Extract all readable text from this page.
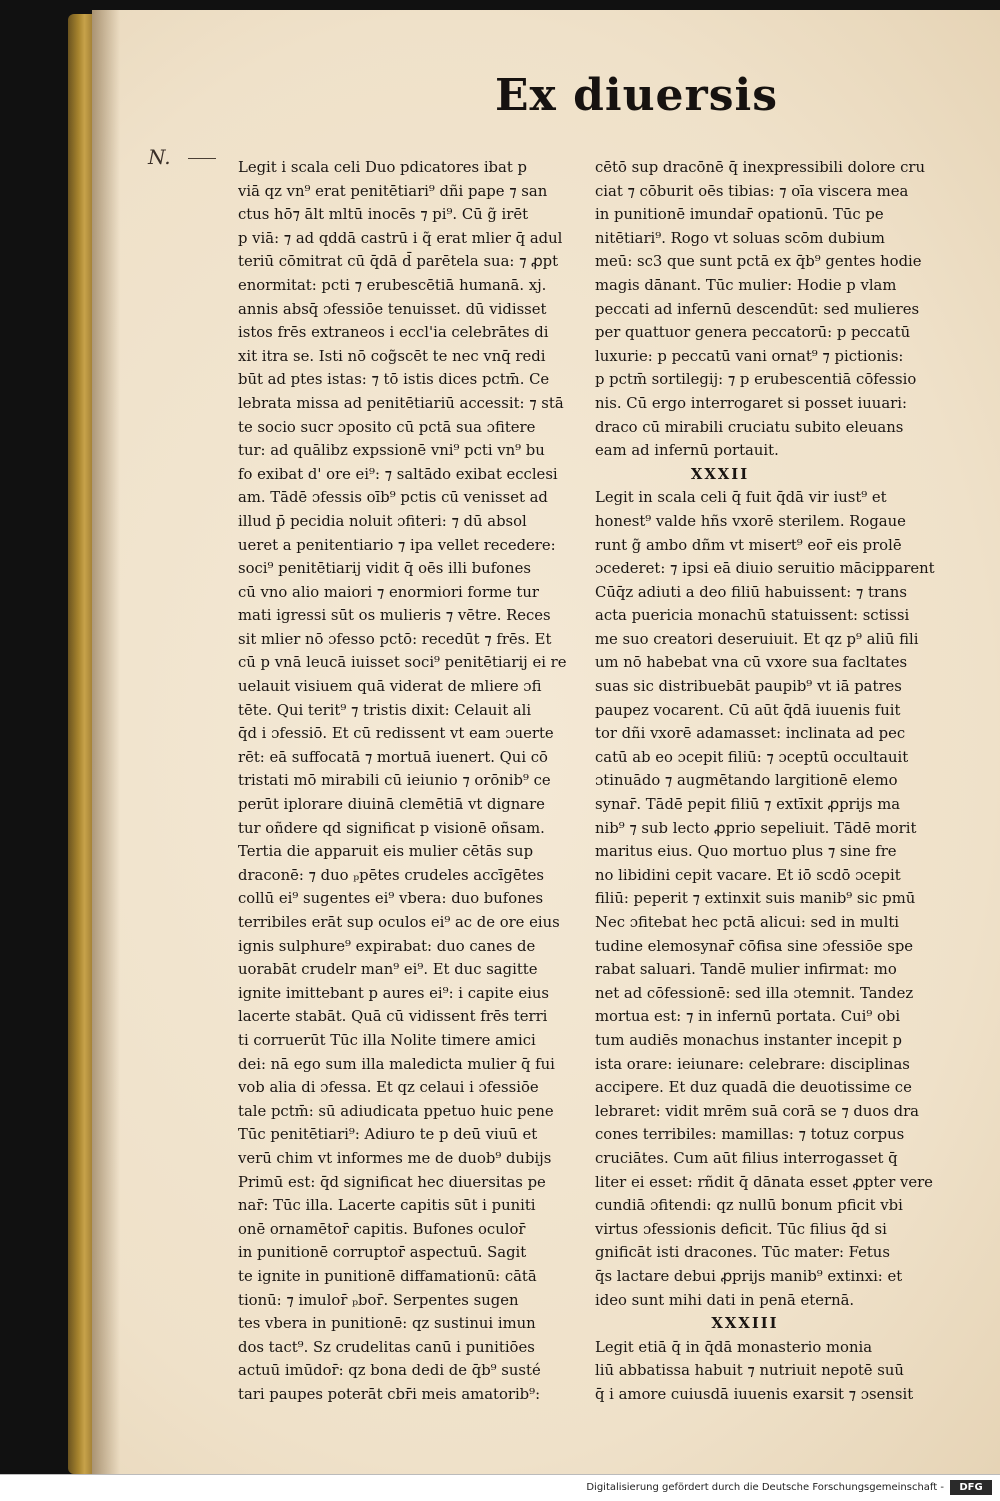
Ex diuersis
N.	Legit i scala celi Duo pdicatores ibat p
viā qz vn⁹ erat penitētiari⁹ dñi pape ⁊ san
ctus hō⁊ ālt mltū inocēs ⁊ pi⁹. Cū g̃ irēt
p viā: ⁊ ad qddā castrū i q̃ erat mlier q̄ adul
teriū cōmitrat cū q̄dā d̄ parētela sua: ⁊ ꝓpt
enormitat: pcti ⁊ erubescētiā humanā. xj.
annis absq̄ ɔfessiōe tenuisset. dū vidisset
istos frēs extraneos i eccl'ia celebrātes di
xit itra se. Isti nō cog̃scēt te nec vnq̄ redi
būt ad ptes istas: ⁊ tō istis dices pctm̄. Ce
lebrata missa ad penitētiariū accessit: ⁊ stā
te socio sucr ɔposito cū pctā sua ɔfitere
tur: ad quālibz expssionē vni⁹ pcti vn⁹ bu
fo exibat d' ore ei⁹: ⁊ saltādo exibat ecclesi
am. Tādē ɔfessis oīb⁹ pctis cū venisset ad
illud p̄ pecidia noluit ɔfiteri: ⁊ dū absol
ueret a penitentiario ⁊ ipa vellet recedere:
soci⁹ penitētiarij vidit q̄ oēs illi bufones
cū vno alio maiori ⁊ enormiori forme tur
mati igressi sūt os mulieris ⁊ vētre. Reces
sit mlier nō ɔfesso pctō: recedūt ⁊ frēs. Et
cū p vnā leucā iuisset soci⁹ penitētiarij ei re
uelauit visiuem quā viderat de mliere ɔfi
tēte. Qui terit⁹ ⁊ tristis dixit: Celauit ali
q̄d i ɔfessiō. Et cū redissent vt eam ɔuerte
rēt: eā suffocatā ⁊ mortuā iuenert. Qui cō
tristati mō mirabili cū ieiunio ⁊ orōnib⁹ ce
perūt iplorare diuinā clemētiā vt dignare
tur oñdere qd significat p visionē oñsam.
Tertia die apparuit eis mulier cētās sup
draconē: ⁊ duo ₚpētes crudeles accīgētes
collū ei⁹ sugentes ei⁹ vbera: duo bufones
terribiles erāt sup oculos ei⁹ ac de ore eius
ignis sulphure⁹ expirabat: duo canes de
uorabāt crudelr man⁹ ei⁹. Et duc sagitte
ignite imittebant p aures ei⁹: i capite eius
lacerte stabāt. Quā cū vidissent frēs terri
ti corruerūt Tūc illa Nolite timere amici
dei: nā ego sum illa maledicta mulier q̄ fui
vob alia di ɔfessa. Et qz celaui i ɔfessiōe
tale pctm̄: sū adiudicata ppetuo huic pene
Tūc penitētiari⁹: Adiuro te p deū viuū et
verū chim vt informes me de duob⁹ dubijs
Primū est: q̄d significat hec diuersitas pe
nar̄: Tūc illa. Lacerte capitis sūt i puniti
onē ornamētor̄ capitis. Bufones oculor̄
in punitionē corruptor̄ aspectuū. Sagit
te ignite in punitionē diffamationū: cātā
tionū: ⁊ imulor̄ ₚbor̄. Serpentes sugen
tes vbera in punitionē: qz sustinui imun
dos tact⁹. Sz crudelitas canū i punitiōes
actuū imūdor̄: qz bona dedi de q̄b⁹ susté
tari paupes poterāt cbr̄i meis amatorib⁹:
cētō sup dracōnē q̄ inexpressibili dolore cru
ciat ⁊ cōburit oēs tibias: ⁊ oīa viscera mea
in punitionē imundar̄ opationū. Tūc pe
nitētiari⁹. Rogo vt soluas scōm dubium
meū: sc3 que sunt pctā ex q̄b⁹ gentes hodie
magis dānant. Tūc mulier: Hodie p vlam
peccati ad infernū descendūt: sed mulieres
per quattuor genera peccatorū: p peccatū
luxurie: p peccatū vani ornat⁹ ⁊ pictionis:
p pctm̄ sortilegij: ⁊ p erubescentiā cōfessio
nis. Cū ergo interrogaret si posset iuuari:
draco cū mirabili cruciatu subito eleuans
eam ad infernū portauit.
XXXII
Legit in scala celi q̄ fuit q̄dā vir iust⁹ et
honest⁹ valde hñs vxorē sterilem. Rogaue
runt g̃ ambo dñm vt misert⁹ eor̄ eis prolē
ɔcederet: ⁊ ipsi eā diuio seruitio mācipparent
Cūq̄z adiuti a deo filiū habuissent: ⁊ trans
acta puericia monachū statuissent: sctissi
me suo creatori deseruiuit. Et qz p⁹ aliū fili
um nō habebat vna cū vxore sua facltates
suas sic distribuebāt paupib⁹ vt iā patres
paupez vocarent. Cū aūt q̄dā iuuenis fuit
tor dñi vxorē adamasset: inclinata ad pec
catū ab eo ɔcepit filiū: ⁊ ɔceptū occultauit
ɔtinuādo ⁊ augmētando largitionē elemo
synar̄. Tādē pepit filiū ⁊ extīxit ꝓprijs ma
nib⁹ ⁊ sub lecto ꝓprio sepeliuit. Tādē morit
maritus eius. Quo mortuo plus ⁊ sine fre
no libidini cepit vacare. Et iō scdō ɔcepit
filiū: peperit ⁊ extinxit suis manib⁹ sic pmū
Nec ɔfitebat hec pctā alicui: sed in multi
tudine elemosynar̄ cōfisa sine ɔfessiōe spe
rabat saluari. Tandē mulier infirmat: mo
net ad cōfessionē: sed illa ɔtemnit. Tandez
mortua est: ⁊ in infernū portata. Cui⁹ obi
tum audiēs monachus instanter incepit p
ista orare: ieiunare: celebrare: disciplinas
accipere. Et duz quadā die deuotissime ce
lebraret: vidit mrēm suā corā se ⁊ duos dra
cones terribiles: mamillas: ⁊ totuz corpus
cruciātes. Cum aūt filius interrogasset q̄
liter ei esset: rñdit q̄ dānata esset ꝓpter vere
cundiā ɔfitendi: qz nullū bonum pficit vbi
virtus ɔfessionis deficit. Tūc filius q̄d si
gnificāt isti dracones. Tūc mater: Fetus
q̄s lactare debui ꝓprijs manib⁹ extinxi: et
ideo sunt mihi dati in penā eternā.
XXXIII
Legit etiā q̄ in q̄dā monasterio monia
liū abbatissa habuit ⁊ nutriuit nepotē suū
q̄ i amore cuiusdā iuuenis exarsit ⁊ ɔsensit
Digitalisierung gefördert durch die Deutsche Forschungsgemeinschaft -	DFG
